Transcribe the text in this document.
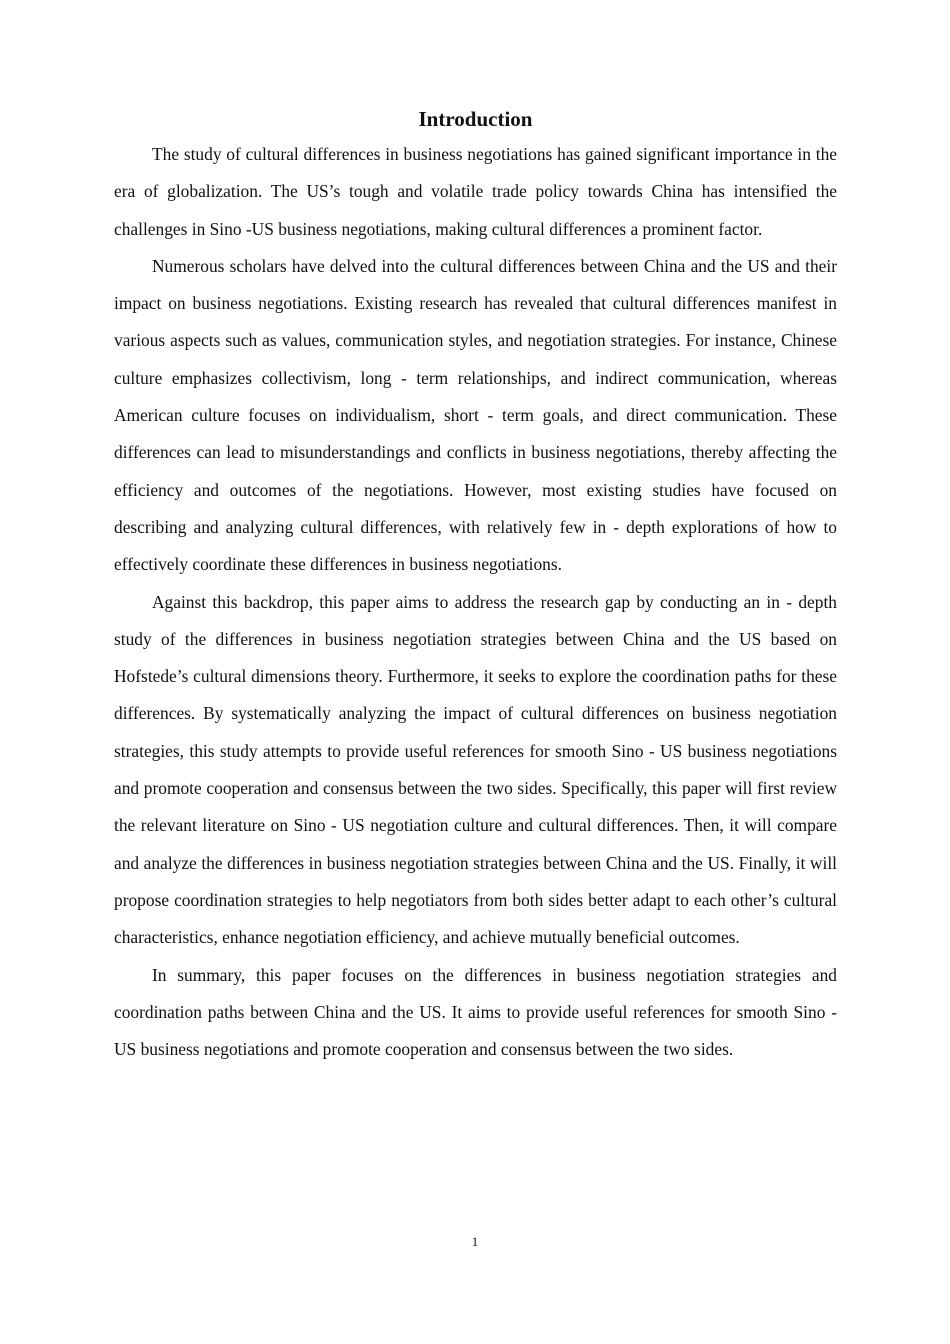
Introduction

The study of cultural differences in business negotiations has gained significant importance in the era of globalization. The US’s tough and volatile trade policy towards China has intensified the challenges in Sino -US business negotiations, making cultural differences a prominent factor.

Numerous scholars have delved into the cultural differences between China and the US and their impact on business negotiations. Existing research has revealed that cultural differences manifest in various aspects such as values, communication styles, and negotiation strategies. For instance, Chinese culture emphasizes collectivism, long - term relationships, and indirect communication, whereas American culture focuses on individualism, short - term goals, and direct communication. These differences can lead to misunderstandings and conflicts in business negotiations, thereby affecting the efficiency and outcomes of the negotiations. However, most existing studies have focused on describing and analyzing cultural differences, with relatively few in - depth explorations of how to effectively coordinate these differences in business negotiations.

Against this backdrop, this paper aims to address the research gap by conducting an in - depth study of the differences in business negotiation strategies between China and the US based on Hofstede’s cultural dimensions theory. Furthermore, it seeks to explore the coordination paths for these differences. By systematically analyzing the impact of cultural differences on business negotiation strategies, this study attempts to provide useful references for smooth Sino - US business negotiations and promote cooperation and consensus between the two sides. Specifically, this paper will first review the relevant literature on Sino - US negotiation culture and cultural differences. Then, it will compare and analyze the differences in business negotiation strategies between China and the US. Finally, it will propose coordination strategies to help negotiators from both sides better adapt to each other’s cultural characteristics, enhance negotiation efficiency, and achieve mutually beneficial outcomes.

In summary, this paper focuses on the differences in business negotiation strategies and coordination paths between China and the US. It aims to provide useful references for smooth Sino - US business negotiations and promote cooperation and consensus between the two sides.

1
